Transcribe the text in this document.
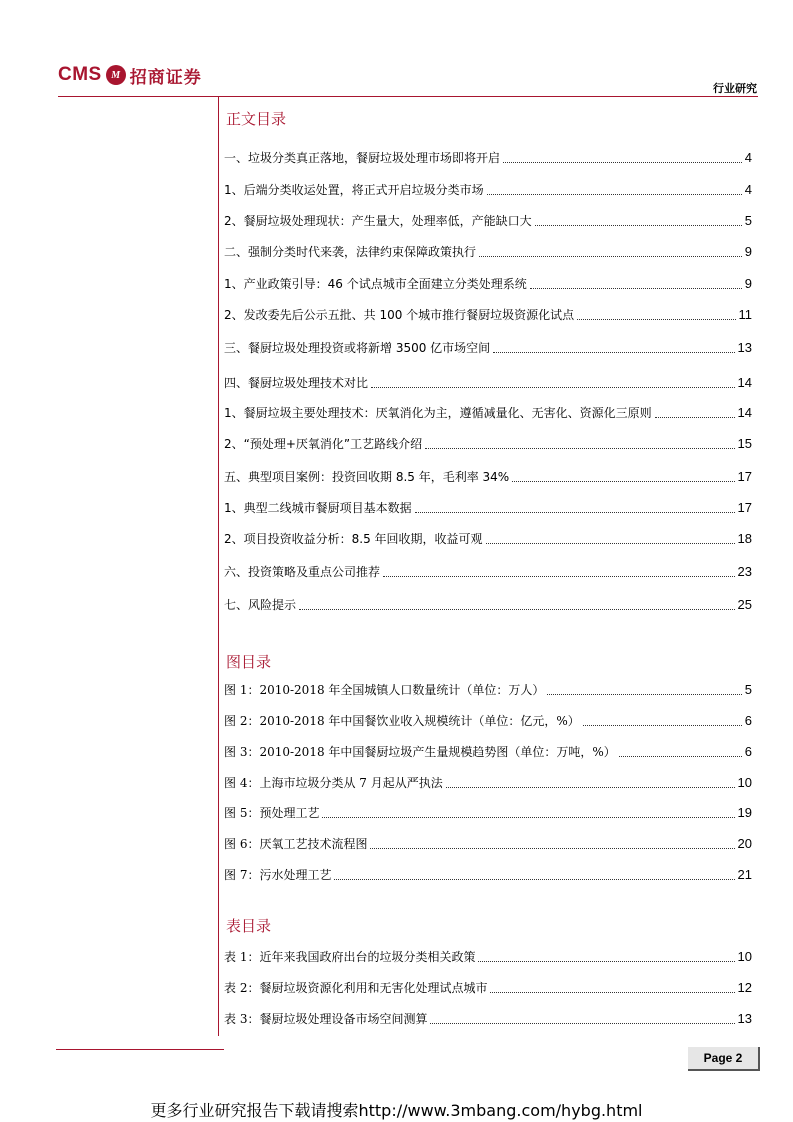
CMS M 招商证券
行业研究
正文目录
一、垃圾分类真正落地，餐厨垃圾处理市场即将开启	4
1、后端分类收运处置，将正式开启垃圾分类市场	4
2、餐厨垃圾处理现状：产生量大，处理率低，产能缺口大	5
二、强制分类时代来袭，法律约束保障政策执行	9
1、产业政策引导：46 个试点城市全面建立分类处理系统	9
2、发改委先后公示五批、共 100 个城市推行餐厨垃圾资源化试点	11
三、餐厨垃圾处理投资或将新增 3500 亿市场空间	13
四、餐厨垃圾处理技术对比	14
1、餐厨垃圾主要处理技术：厌氧消化为主，遵循减量化、无害化、资源化三原则	14
2、“预处理+厌氧消化”工艺路线介绍	15
五、典型项目案例：投资回收期 8.5 年，毛利率 34%	17
1、典型二线城市餐厨项目基本数据	17
2、项目投资收益分析：8.5 年回收期，收益可观	18
六、投资策略及重点公司推荐	23
七、风险提示	25
图目录
图 1：2010-2018 年全国城镇人口数量统计（单位：万人）	5
图 2：2010-2018 年中国餐饮业收入规模统计（单位：亿元，%）	6
图 3：2010-2018 年中国餐厨垃圾产生量规模趋势图（单位：万吨，%）	6
图 4：上海市垃圾分类从 7 月起从严执法	10
图 5：预处理工艺	19
图 6：厌氧工艺技术流程图	20
图 7：污水处理工艺	21
表目录
表 1：近年来我国政府出台的垃圾分类相关政策	10
表 2：餐厨垃圾资源化利用和无害化处理试点城市	12
表 3：餐厨垃圾处理设备市场空间测算	13
Page 2
更多行业研究报告下载请搜索http://www.3mbang.com/hybg.html
